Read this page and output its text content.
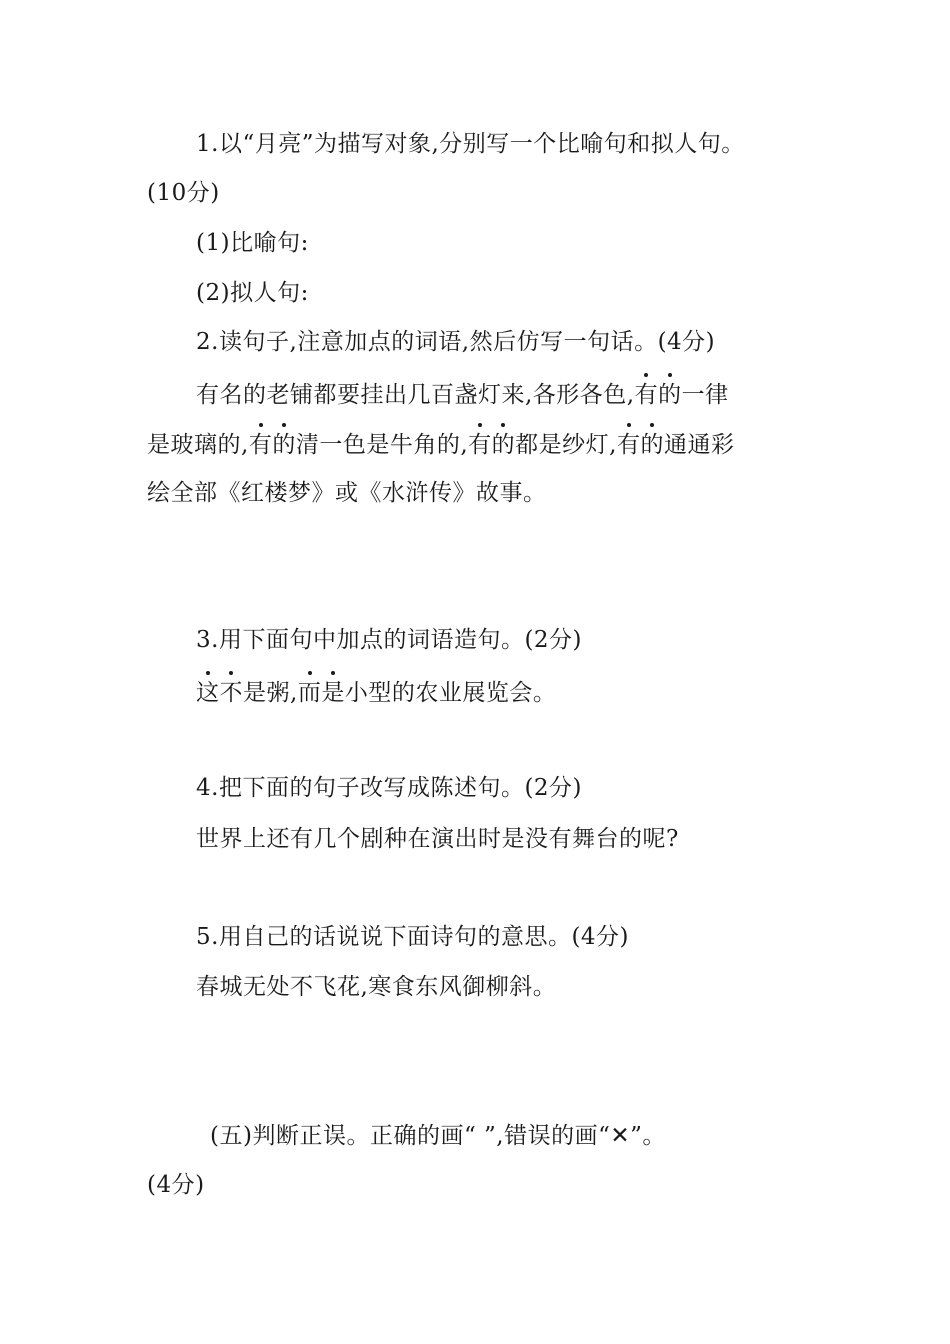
1.以“月亮”为描写对象,分别写一个比喻句和拟人句。
(10分)
(1)比喻句:
(2)拟人句:
2.读句子,注意加点的词语,然后仿写一句话。(4分)
有名的老铺都要挂出几百盏灯来,各形各色,有的一律
是玻璃的,有的清一色是牛角的,有的都是纱灯,有的通通彩
绘全部《红楼梦》或《水浒传》故事。
3.用下面句中加点的词语造句。(2分)
这不是粥,而是小型的农业展览会。
4.把下面的句子改写成陈述句。(2分)
世界上还有几个剧种在演出时是没有舞台的呢?
5.用自己的话说说下面诗句的意思。(4分)
春城无处不飞花,寒食东风御柳斜。
(五)判断正误。正确的画“ ”,错误的画“✕”。
(4分)
